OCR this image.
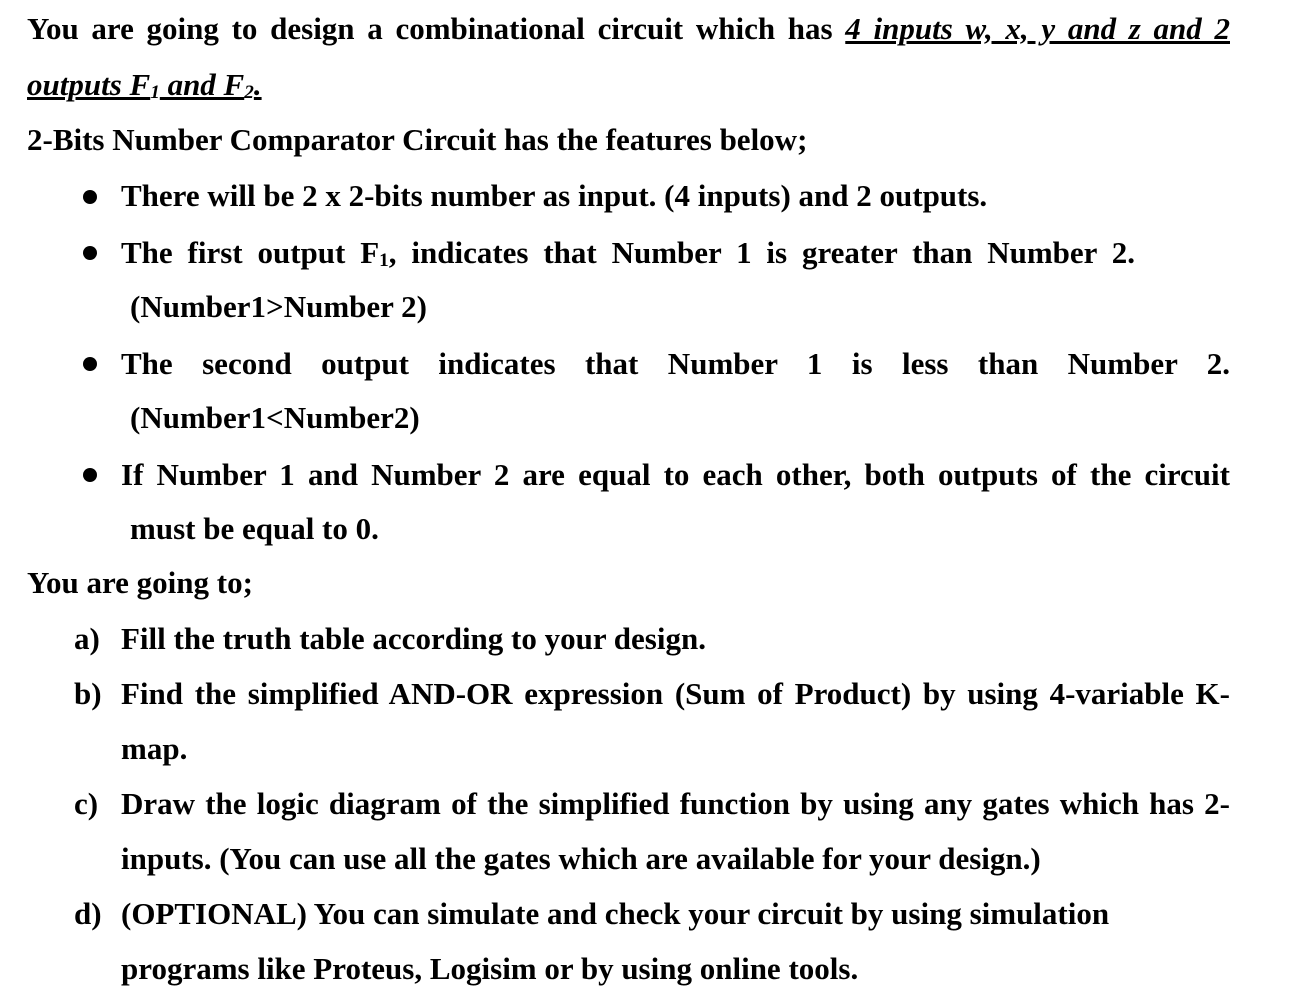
You are going to design a combinational circuit which has 4 inputs w, x, y and z and 2
outputs F1 and F2.
2-Bits Number Comparator Circuit has the features below;
There will be 2 x 2-bits number as input. (4 inputs) and 2 outputs.
The first output F1, indicates that Number 1 is greater than Number 2.
(Number1>Number 2)
The second output indicates that Number 1 is less than Number 2.
(Number1<Number2)
If Number 1 and Number 2 are equal to each other, both outputs of the circuit
must be equal to 0.
You are going to;
a) Fill the truth table according to your design.
b) Find the simplified AND-OR expression (Sum of Product) by using 4-variable K-
map.
c) Draw the logic diagram of the simplified function by using any gates which has 2-
inputs. (You can use all the gates which are available for your design.)
d) (OPTIONAL) You can simulate and check your circuit by using simulation
programs like Proteus, Logisim or by using online tools.
